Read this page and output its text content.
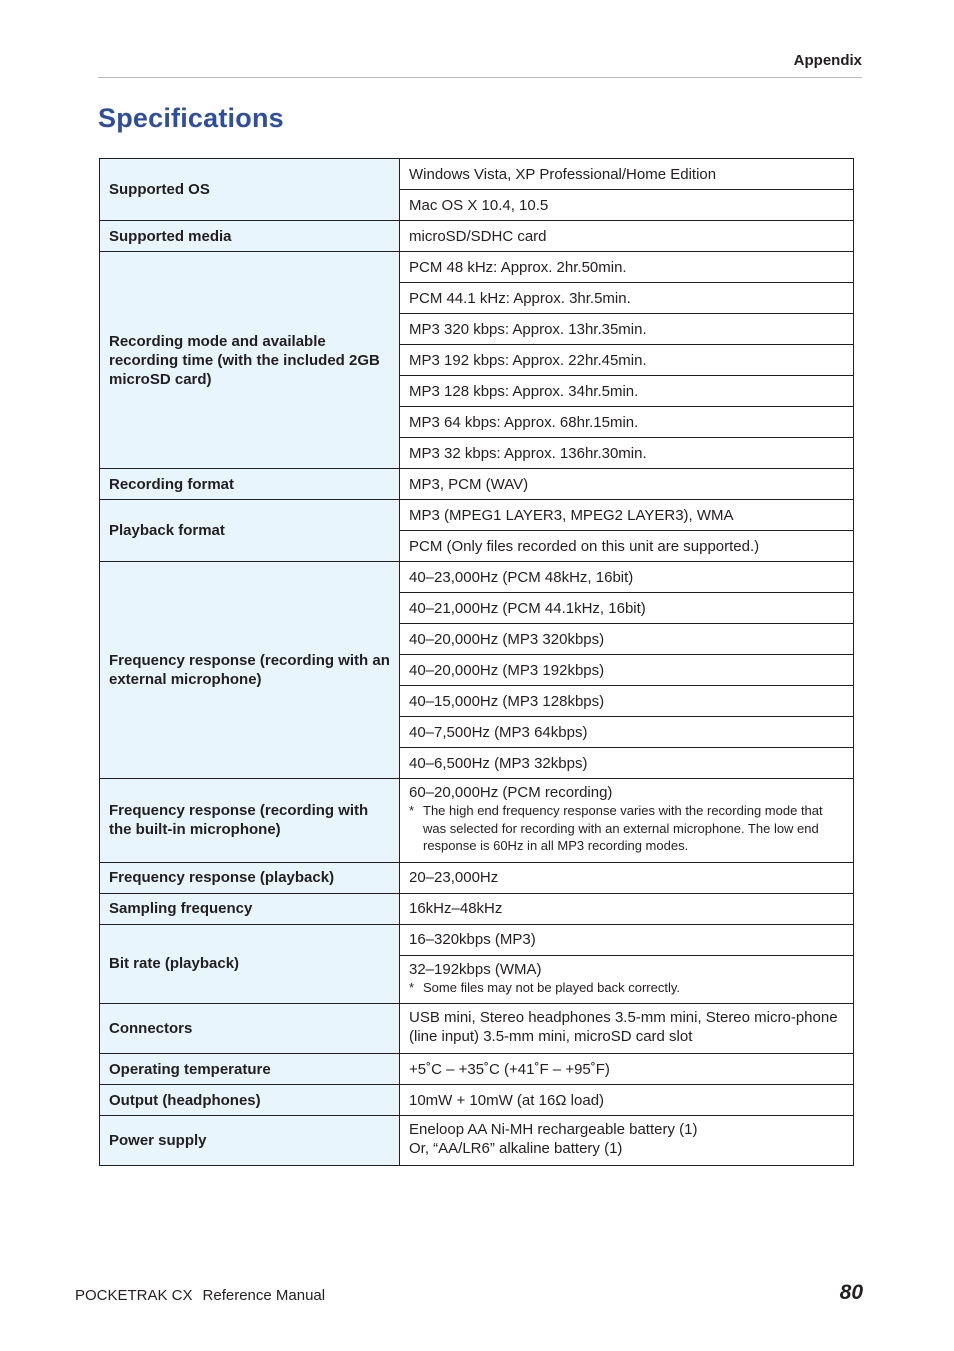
Appendix
Specifications
Supported OS	Windows Vista, XP Professional/Home Edition
	Mac OS X 10.4, 10.5
Supported media	microSD/SDHC card
Recording mode and available recording time (with the included 2GB microSD card)	PCM 48 kHz: Approx. 2hr.50min.
	PCM 44.1 kHz: Approx. 3hr.5min.
	MP3 320 kbps: Approx. 13hr.35min.
	MP3 192 kbps: Approx. 22hr.45min.
	MP3 128 kbps: Approx. 34hr.5min.
	MP3 64 kbps: Approx. 68hr.15min.
	MP3 32 kbps: Approx. 136hr.30min.
Recording format	MP3, PCM (WAV)
Playback format	MP3 (MPEG1 LAYER3, MPEG2 LAYER3), WMA
	PCM (Only files recorded on this unit are supported.)
Frequency response (recording with an external microphone)	40–23,000Hz (PCM 48kHz, 16bit)
	40–21,000Hz (PCM 44.1kHz, 16bit)
	40–20,000Hz (MP3 320kbps)
	40–20,000Hz (MP3 192kbps)
	40–15,000Hz (MP3 128kbps)
	40–7,500Hz (MP3 64kbps)
	40–6,500Hz (MP3 32kbps)
Frequency response (recording with the built-in microphone)	60–20,000Hz (PCM recording)
* The high end frequency response varies with the recording mode that was selected for recording with an external microphone. The low end response is 60Hz in all MP3 recording modes.

Frequency response (playback)	20–23,000Hz
Sampling frequency	16kHz–48kHz
Bit rate (playback)	16–320kbps (MP3)

	32–192kbps (WMA)
* Some files may not be played back correctly.

Connectors	USB mini, Stereo headphones 3.5-mm mini, Stereo micro-phone (line input) 3.5-mm mini, microSD card slot
Operating temperature	+5˚C – +35˚C (+41˚F – +95˚F)
Output (headphones)	10mW + 10mW (at 16Ω load)
Power supply	Eneloop AA Ni-MH rechargeable battery (1)
Or, “AA/LR6” alkaline battery (1)
POCKETRAK CX Reference Manual	80
